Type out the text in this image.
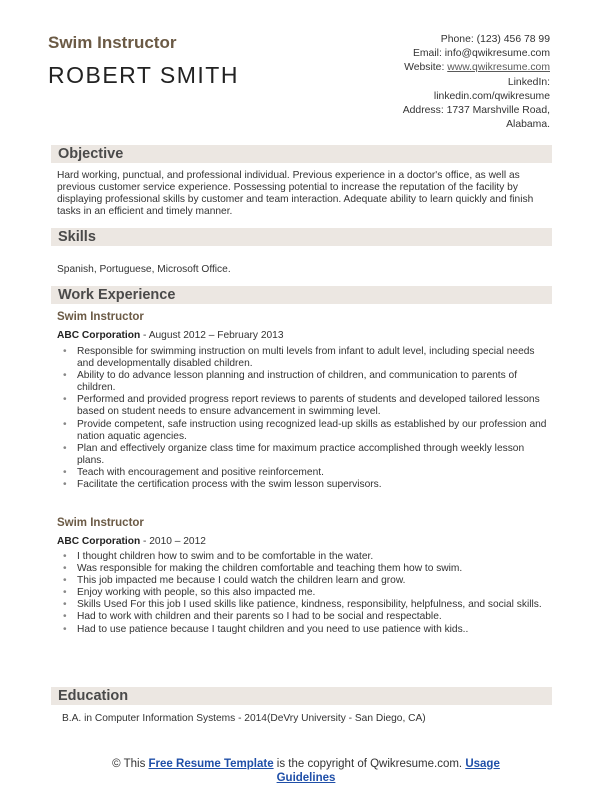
Swim Instructor
ROBERT SMITH
Phone: (123) 456 78 99
Email: info@qwikresume.com
Website: www.qwikresume.com
LinkedIn:
linkedin.com/qwikresume
Address: 1737 Marshville Road,
Alabama.
Objective
Hard working, punctual, and professional individual. Previous experience in a doctor's office, as well as previous customer service experience. Possessing potential to increase the reputation of the facility by displaying professional skills by customer and team interaction. Adequate ability to learn quickly and finish tasks in an efficient and timely manner.
Skills
Spanish, Portuguese, Microsoft Office.
Work Experience
Swim Instructor
ABC Corporation - August 2012 – February 2013
• Responsible for swimming instruction on multi levels from infant to adult level, including special needs and developmentally disabled children.
• Ability to do advance lesson planning and instruction of children, and communication to parents of children.
• Performed and provided progress report reviews to parents of students and developed tailored lessons based on student needs to ensure advancement in swimming level.
• Provide competent, safe instruction using recognized lead-up skills as established by our profession and nation aquatic agencies.
• Plan and effectively organize class time for maximum practice accomplished through weekly lesson plans.
• Teach with encouragement and positive reinforcement.
• Facilitate the certification process with the swim lesson supervisors.
Swim Instructor
ABC Corporation - 2010 – 2012
• I thought children how to swim and to be comfortable in the water.
• Was responsible for making the children comfortable and teaching them how to swim.
• This job impacted me because I could watch the children learn and grow.
• Enjoy working with people, so this also impacted me.
• Skills Used For this job I used skills like patience, kindness, responsibility, helpfulness, and social skills.
• Had to work with children and their parents so I had to be social and respectable.
• Had to use patience because I taught children and you need to use patience with kids..
Education
B.A. in Computer Information Systems - 2014(DeVry University - San Diego, CA)
© This Free Resume Template is the copyright of Qwikresume.com. Usage
Guidelines
